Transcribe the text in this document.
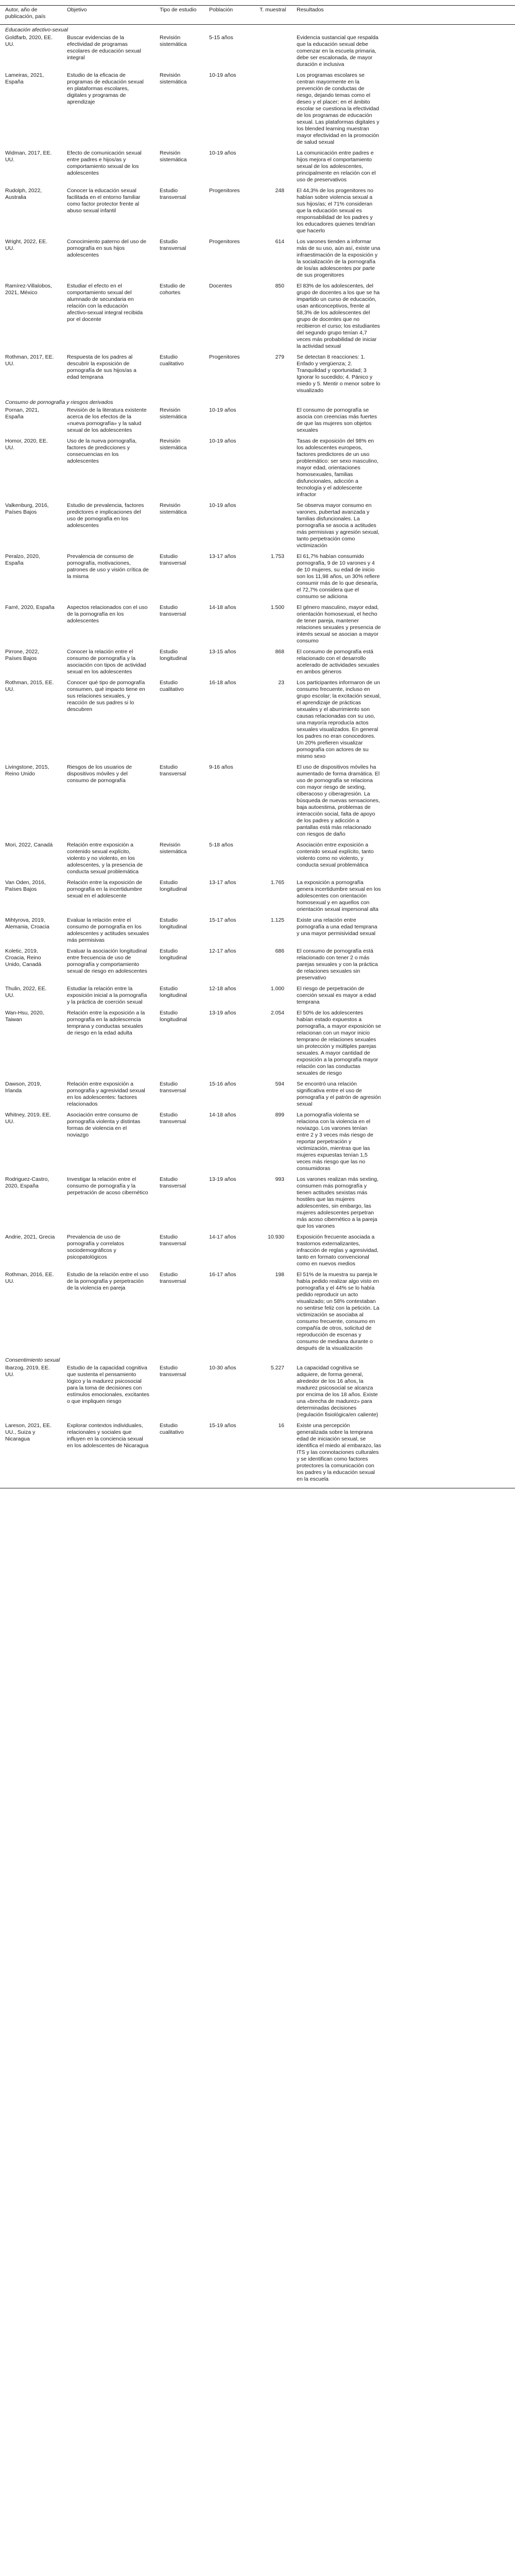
Autor, año de publicación, país	Objetivo	Tipo de estudio	Población	T. muestral	Resultados
Educación afectivo-sexual					
Goldfarb, 2020, EE. UU.	Buscar evidencias de la efectividad de programas escolares de educación sexual integral	Revisión sistemática	5-15 años		Evidencia sustancial que respalda que la educación sexual debe comenzar en la escuela primaria, debe ser escalonada, de mayor duración e inclusiva
Lameiras, 2021, España	Estudio de la eficacia de programas de educación sexual en plataformas escolares, digitales y programas de aprendizaje	Revisión sistemática	10-19 años		Los programas escolares se centran mayormente en la prevención de conductas de riesgo, dejando temas como el deseo y el placer; en el ámbito escolar se cuestiona la efectividad de los programas de educación sexual. Las plataformas digitales y los blended learning muestran mayor efectividad en la promoción de salud sexual
Widman, 2017, EE. UU.	Efecto de comunicación sexual entre padres e hijos/as y comportamiento sexual de los adolescentes	Revisión sistemática	10-19 años		La comunicación entre padres e hijos mejora el comportamiento sexual de los adolescentes, principalmente en relación con el uso de preservativos
Rudolph, 2022, Australia	Conocer la educación sexual facilitada en el entorno familiar como factor protector frente al abuso sexual infantil	Estudio transversal	Progenitores	248	El 44,3% de los progenitores no habían sobre violencia sexual a sus hijos/as; el 71% consideran que la educación sexual es responsabilidad de los padres y los educadores quienes tendrían que hacerlo
Wright, 2022, EE. UU.	Conocimiento paterno del uso de pornografía en sus hijos adolescentes	Estudio transversal	Progenitores	614	Los varones tienden a informar más de su uso, aún así, existe una infraestimación de la exposición y la socialización de la pornografía de los/as adolescentes por parte de sus progenitores
Ramírez-Villalobos, 2021, México	Estudiar el efecto en el comportamiento sexual del alumnado de secundaria en relación con la educación afectivo-sexual integral recibida por el docente	Estudio de cohortes	Docentes	850	El 83% de los adolescentes, del grupo de docentes a los que se ha impartido un curso de educación, usan anticonceptivos, frente al 58,3% de los adolescentes del grupo de docentes que no recibieron el curso; los estudiantes del segundo grupo tenían 4,7 veces más probabilidad de iniciar la actividad sexual
Rothman, 2017, EE. UU.	Respuesta de los padres al descubrir la exposición de pornografía de sus hijos/as a edad temprana	Estudio cualitativo	Progenitores	279	Se detectan 8 reacciones: 1. Enfado y vergüenza; 2. Tranquilidad y oportunidad; 3 Ignorar lo sucedido; 4. Pánico y miedo y 5. Mentir o menor sobre lo visualizado
Consumo de pornografía y riesgos derivados					
Pornan, 2021, España	Revisión de la literatura existente acerca de los efectos de la «nueva pornografía» y la salud sexual de los adolescentes	Revisión sistemática	10-19 años		El consumo de pornografía se asocia con creencias más fuertes de que las mujeres son objetos sexuales
Homor, 2020, EE. UU.	Uso de la nueva pornografía, factores de predicciones y consecuencias en los adolescentes	Revisión sistemática	10-19 años		Tasas de exposición del 98% en los adolescentes europeos, factores predictores de un uso problemático: ser sexo masculino, mayor edad, orientaciones homosexuales, familias disfuncionales, adicción a tecnología y el adolescente infractor
Valkenburg, 2016, Países Bajos	Estudio de prevalencia, factores predictores e implicaciones del uso de pornografía en los adolescentes	Revisión sistemática	10-19 años		Se observa mayor consumo en varones, pubertad avanzada y familias disfuncionales. La pornografía se asocia a actitudes más permisivas y agresión sexual, tanto perpetración como victimización
Peralzo, 2020, España	Prevalencia de consumo de pornografía, motivaciones, patrones de uso y visión crítica de la misma	Estudio transversal	13-17 años	1.753	El 61,7% habían consumido pornografía, 9 de 10 varones y 4 de 10 mujeres, su edad de inicio son los 11,98 años, un 30% refiere consumir más de lo que desearía, el 72,7% considera que el consumo se adiciona
Farré, 2020, España	Aspectos relacionados con el uso de la pornografía en los adolescentes	Estudio transversal	14-18 años	1.500	El género masculino, mayor edad, orientación homosexual, el hecho de tener pareja, mantener relaciones sexuales y presencia de interés sexual se asocian a mayor consumo
Pirrone, 2022, Países Bajos	Conocer la relación entre el consumo de pornografía y la asociación con tipos de actividad sexual en los adolescentes	Estudio longitudinal	13-15 años	868	El consumo de pornografía está relacionado con el desarrollo acelerado de actividades sexuales en ambos géneros
Rothman, 2015, EE. UU.	Conocer qué tipo de pornografía consumen, qué impacto tiene en sus relaciones sexuales, y reacción de sus padres si lo descubren	Estudio cualitativo	16-18 años	23	Los participantes informaron de un consumo frecuente, incluso en grupo escolar; la excitación sexual, el aprendizaje de prácticas sexuales y el aburrimiento son causas relacionadas con su uso, una mayoría reproducía actos sexuales visualizados. En general los padres no eran conocedores. Un 20% prefieren visualizar pornografía con actores de su mismo sexo
Livingstone, 2015, Reino Unido	Riesgos de los usuarios de dispositivos móviles y del consumo de pornografía	Estudio transversal	9-16 años		El uso de dispositivos móviles ha aumentado de forma dramática. El uso de pornografía se relaciona con mayor riesgo de sexting, ciberacoso y ciberagresión. La búsqueda de nuevas sensaciones, baja autoestima, problemas de interacción social, falta de apoyo de los padres y adicción a pantallas está más relacionado con riesgos de daño
Mori, 2022, Canadá	Relación entre exposición a contenido sexual explícito, violento y no violento, en los adolescentes, y la presencia de conducta sexual problemática	Revisión sistemática	5-18 años		Asociación entre exposición a contenido sexual explícito, tanto violento como no violento, y conducta sexual problemática
Van Oden, 2016, Países Bajos	Relación entre la exposición de pornografía en la incertidumbre sexual en el adolescente	Estudio longitudinal	13-17 años	1.765	La exposición a pornografía genera incertidumbre sexual en los adolescentes con orientación homosexual y en aquellos con orientación sexual impersonal alta
Mihtyrova, 2019, Alemania, Croacia	Evaluar la relación entre el consumo de pornografía en los adolescentes y actitudes sexuales más permisivas	Estudio longitudinal	15-17 años	1.125	Existe una relación entre pornografía a una edad temprana y una mayor permisividad sexual
Koletic, 2019, Croacia, Reino Unido, Canadá	Evaluar la asociación longitudinal entre frecuencia de uso de pornografía y comportamiento sexual de riesgo en adolescentes	Estudio longitudinal	12-17 años	686	El consumo de pornografía está relacionado con tener 2 o más parejas sexuales y con la práctica de relaciones sexuales sin preservativo
Thulin, 2022, EE. UU.	Estudiar la relación entre la exposición inicial a la pornografía y la práctica de coerción sexual	Estudio longitudinal	12-18 años	1.000	El riesgo de perpetración de coerción sexual es mayor a edad temprana
Wan-Hsu, 2020, Taiwan	Relación entre la exposición a la pornografía en la adolescencia temprana y conductas sexuales de riesgo en la edad adulta	Estudio longitudinal	13-19 años	2.054	El 50% de los adolescentes habían estado expuestos a pornografía, a mayor exposición se relacionan con un mayor inicio temprano de relaciones sexuales sin protección y múltiples parejas sexuales. A mayor cantidad de exposición a la pornografía mayor relación con las conductas sexuales de riesgo
Dawson, 2019, Irlanda	Relación entre exposición a pornografía y agresividad sexual en los adolescentes: factores relacionados	Estudio transversal	15-16 años	594	Se encontró una relación significativa entre el uso de pornografía y el patrón de agresión sexual
Whitney, 2019, EE. UU.	Asociación entre consumo de pornografía violenta y distintas formas de violencia en el noviazgo	Estudio transversal	14-18 años	899	La pornografía violenta se relaciona con la violencia en el noviazgo. Los varones tenían entre 2 y 3 veces más riesgo de reportar perpetración y victimización, mientras que las mujeres expuestas tenían 1,5 veces más riesgo que las no consumidoras
Rodriguez-Castro, 2020, España	Investigar la relación entre el consumo de pornografía y la perpetración de acoso cibernético	Estudio transversal	13-19 años	993	Los varones realizan más sexting, consumen más pornografía y tienen actitudes sexistas más hostiles que las mujeres adolescentes, sin embargo, las mujeres adolescentes perpetran más acoso cibernético a la pareja que los varones
Andrie, 2021, Grecia	Prevalencia de uso de pornografía y correlatos sociodemográficos y psicopatológicos	Estudio transversal	14-17 años	10.930	Exposición frecuente asociada a trastornos externalizantes, infracción de reglas y agresividad, tanto en formato convencional como en nuevos medios
Rothman, 2016, EE. UU.	Estudio de la relación entre el uso de la pornografía y perpetración de la violencia en pareja	Estudio transversal	16-17 años	198	El 51% de la muestra su pareja le había pedido realizar algo visto en pornografía y el 44% se lo había pedido reproducir un acto visualizado; un 58% contestaban no sentirse feliz con la petición. La victimización se asociaba al consumo frecuente, consumo en compañía de otros, solicitud de reproducción de escenas y consumo de mediana durante o después de la visualización
Consentimiento sexual					
Ibarzog, 2019, EE. UU.	Estudio de la capacidad cognitiva que sustenta el pensamiento lógico y la madurez psicosocial para la toma de decisiones con estímulos emocionales, excitantes o que impliquen riesgo	Estudio transversal	10-30 años	5.227	La capacidad cognitiva se adquiere, de forma general, alrededor de los 16 años, la madurez psicosocial se alcanza por encima de los 18 años. Existe una «brecha de madurez» para determinadas decisiones (regulación fisiológica/en caliente)
Lareson, 2021, EE. UU., Suiza y Nicaragua	Explorar contextos individuales, relacionales y sociales que influyen en la conciencia sexual en los adolescentes de Nicaragua	Estudio cualitativo	15-19 años	16	Existe una percepción generalizada sobre la temprana edad de iniciación sexual, se identifica el miedo al embarazo, las ITS y las connotaciones culturales y se identifican como factores protectores la comunicación con los padres y la educación sexual en la escuela
